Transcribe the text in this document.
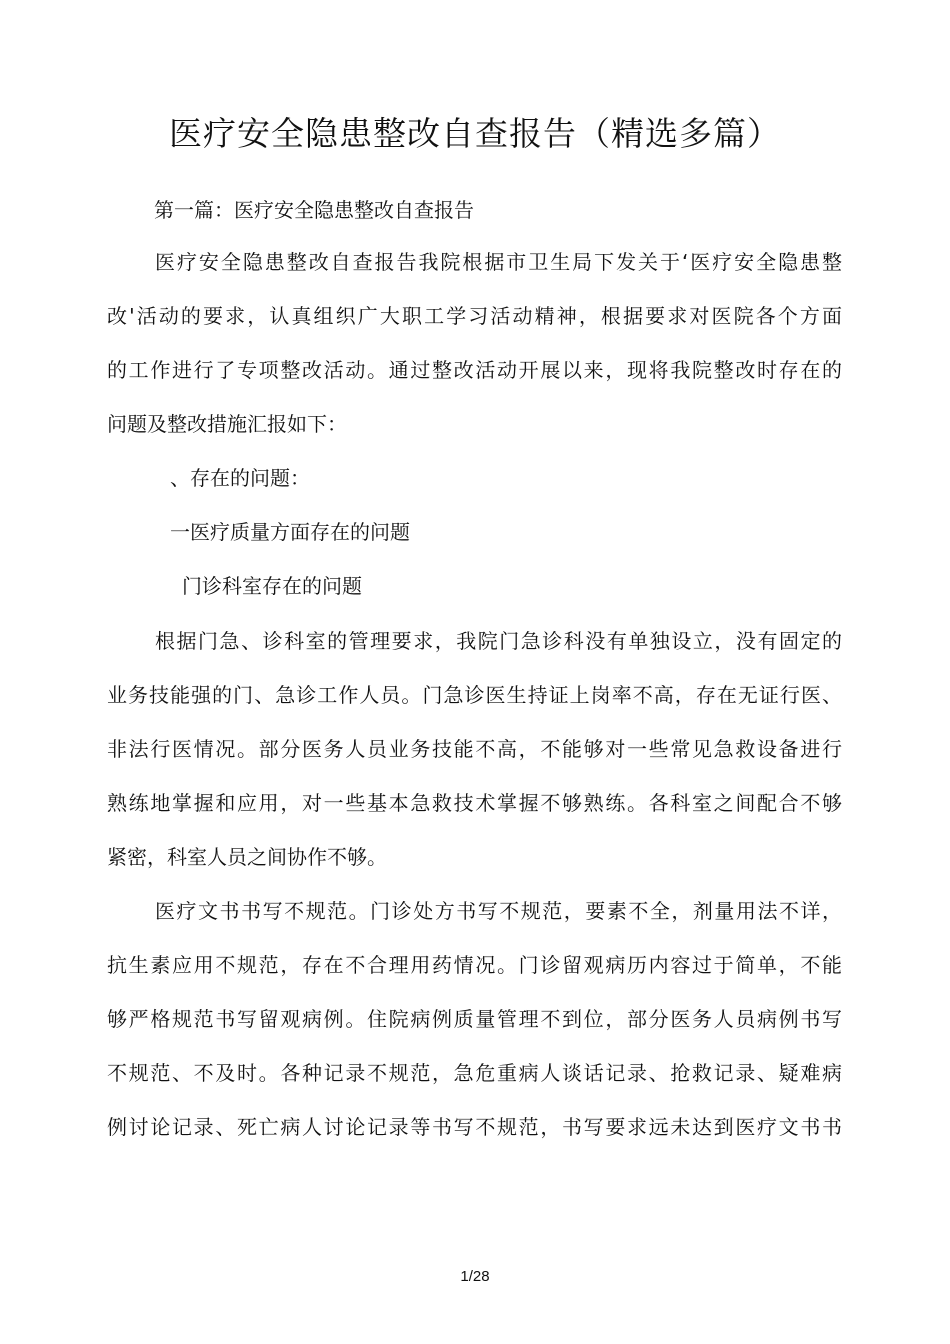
医疗安全隐患整改自查报告（精选多篇）

第一篇：医疗安全隐患整改自查报告

医疗安全隐患整改自查报告我院根据市卫生局下发关于‘医疗安全隐患整

改'活动的要求，认真组织广大职工学习活动精神，根据要求对医院各个方面

的工作进行了专项整改活动。通过整改活动开展以来，现将我院整改时存在的

问题及整改措施汇报如下：

、存在的问题：

一医疗质量方面存在的问题

门诊科室存在的问题

根据门急、诊科室的管理要求，我院门急诊科没有单独设立，没有固定的

业务技能强的门、急诊工作人员。门急诊医生持证上岗率不高，存在无证行医、

非法行医情况。部分医务人员业务技能不高，不能够对一些常见急救设备进行

熟练地掌握和应用，对一些基本急救技术掌握不够熟练。各科室之间配合不够

紧密，科室人员之间协作不够。

医疗文书书写不规范。门诊处方书写不规范，要素不全，剂量用法不详，

抗生素应用不规范，存在不合理用药情况。门诊留观病历内容过于简单，不能

够严格规范书写留观病例。住院病例质量管理不到位，部分医务人员病例书写

不规范、不及时。各种记录不规范，急危重病人谈话记录、抢救记录、疑难病

例讨论记录、死亡病人讨论记录等书写不规范，书写要求远未达到医疗文书书

1/28
